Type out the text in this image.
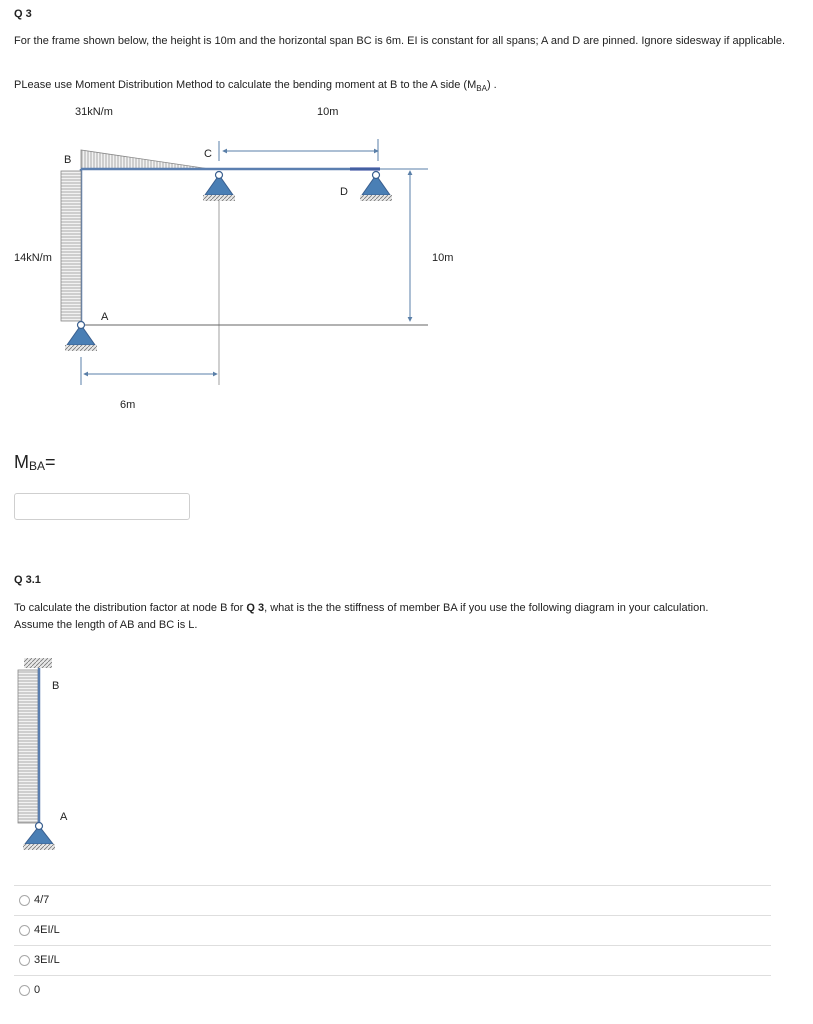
Q 3
For the frame shown below, the height is 10m and the horizontal span BC is 6m. EI is constant for all spans; A and D are pinned. Ignore sidesway if applicable.
PLease use Moment Distribution Method to calculate the bending moment at B to the A side $(M_{BA})$ .
31kN/m	10m
B	C
D
A
14kN/m	10m
6m
$M_{BA}=$
Q 3.1
To calculate the distribution factor at node B for Q 3, what is the the stiffness of member BA if you use the following diagram in your calculation.
Assume the length of AB and BC is L.
B
A
4/7
4EI/L
3EI/L
0
